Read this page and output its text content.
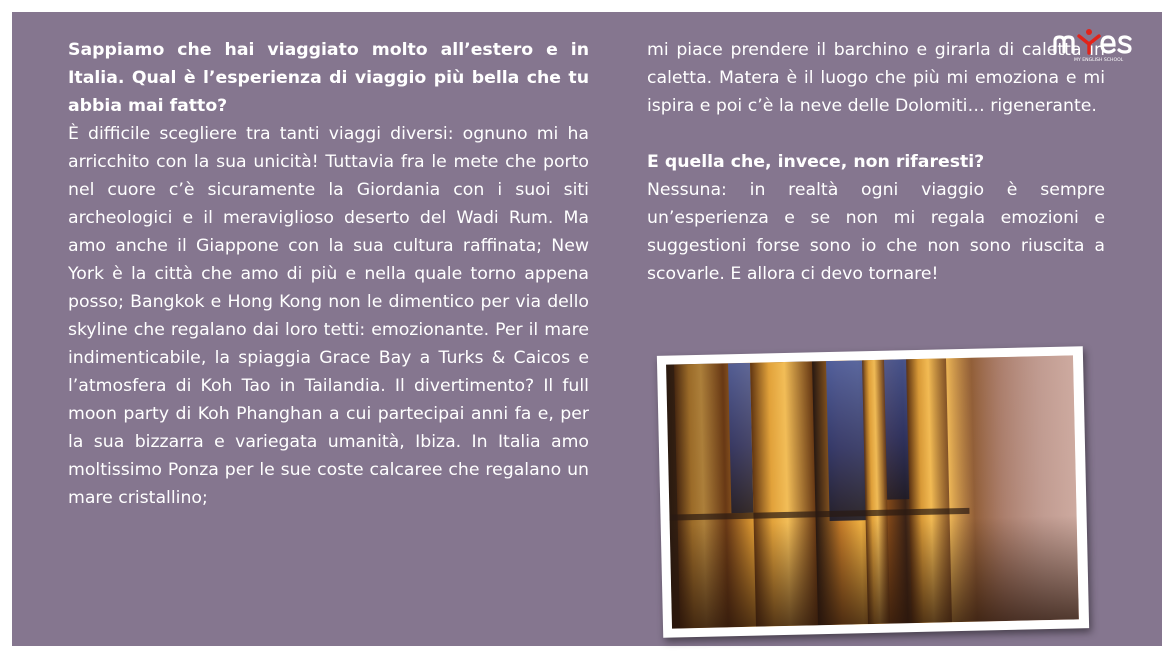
Sappiamo che hai viaggiato molto all’estero e in Italia. Qual è l’esperienza di viaggio più bella che tu abbia mai fatto?

È difficile scegliere tra tanti viaggi diversi: ognuno mi ha arricchito con la sua unicità! Tuttavia fra le mete che porto nel cuore c’è sicuramente la Giordania con i suoi siti archeologici e il meraviglioso deserto del Wadi Rum. Ma amo anche il Giappone con la sua cultura raffinata; New York è la città che amo di più e nella quale torno appena posso; Bangkok e Hong Kong non le dimentico per via dello skyline che regalano dai loro tetti: emozionante. Per il mare indimenticabile, la spiaggia Grace Bay a Turks & Caicos e l’atmosfera di Koh Tao in Tailandia. Il divertimento? Il full moon party di Koh Phanghan a cui partecipai anni fa e, per la sua bizzarra e variegata umanità, Ibiza. In Italia amo moltissimo Ponza per le sue coste calcaree che regalano un mare cristallino;

mi piace prendere il barchino e girarla di caletta in caletta. Matera è il luogo che più mi emoziona e mi ispira e poi c’è la neve delle Dolomiti… rigenerante.

E quella che, invece, non rifaresti?

Nessuna: in realtà ogni viaggio è sempre un’esperienza e se non mi regala emozioni e suggestioni forse sono io che non sono riuscita a scovarle. E allora ci devo tornare!

MY ENGLISH SCHOOL
